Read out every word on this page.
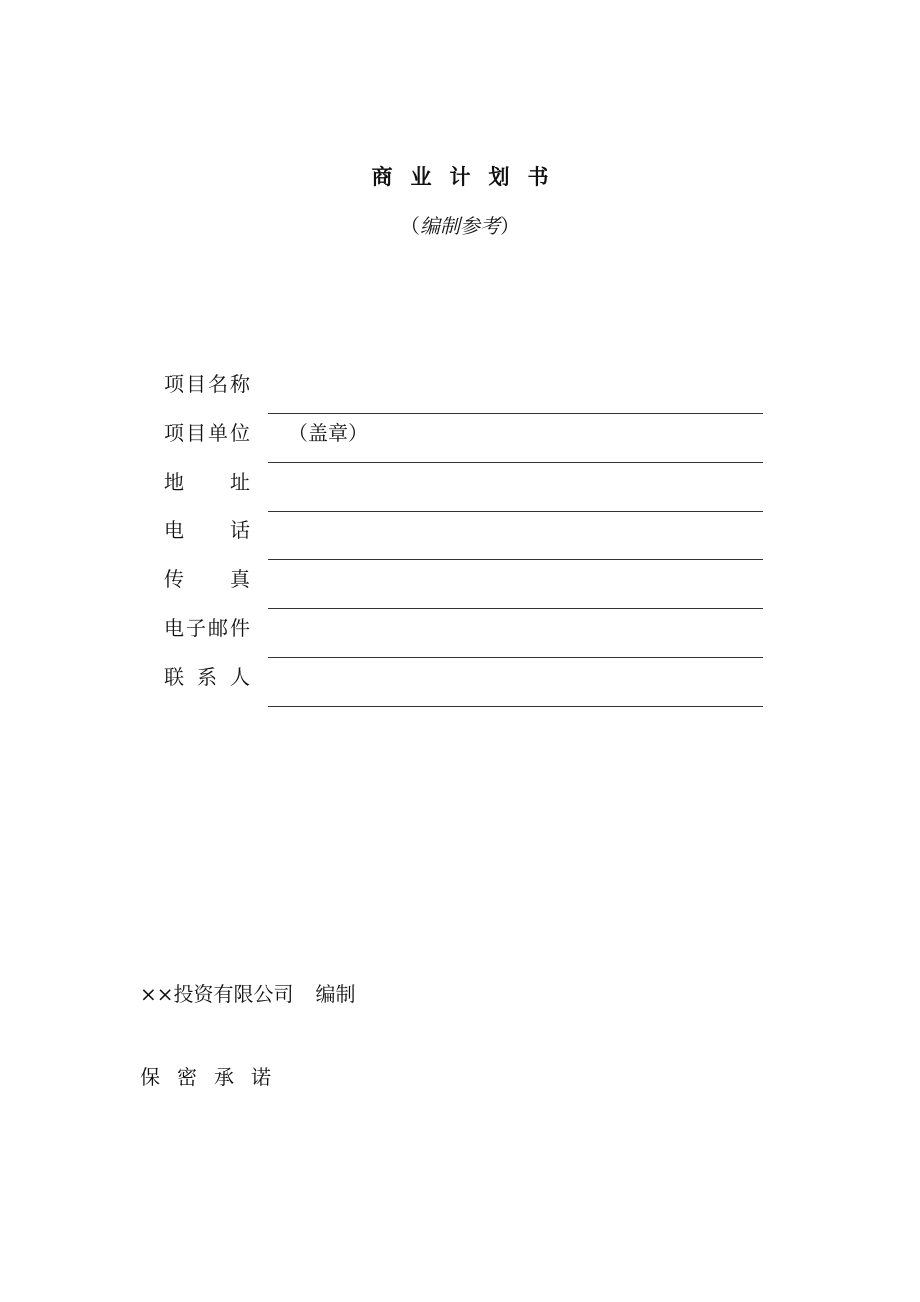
商 业 计 划 书
（编制参考）
项 目 名 称
项 目 单 位 （盖章）
地 址
电 话
传 真
电 子 邮 件
联 系 人
××投资有限公司 编制
保 密 承 诺
